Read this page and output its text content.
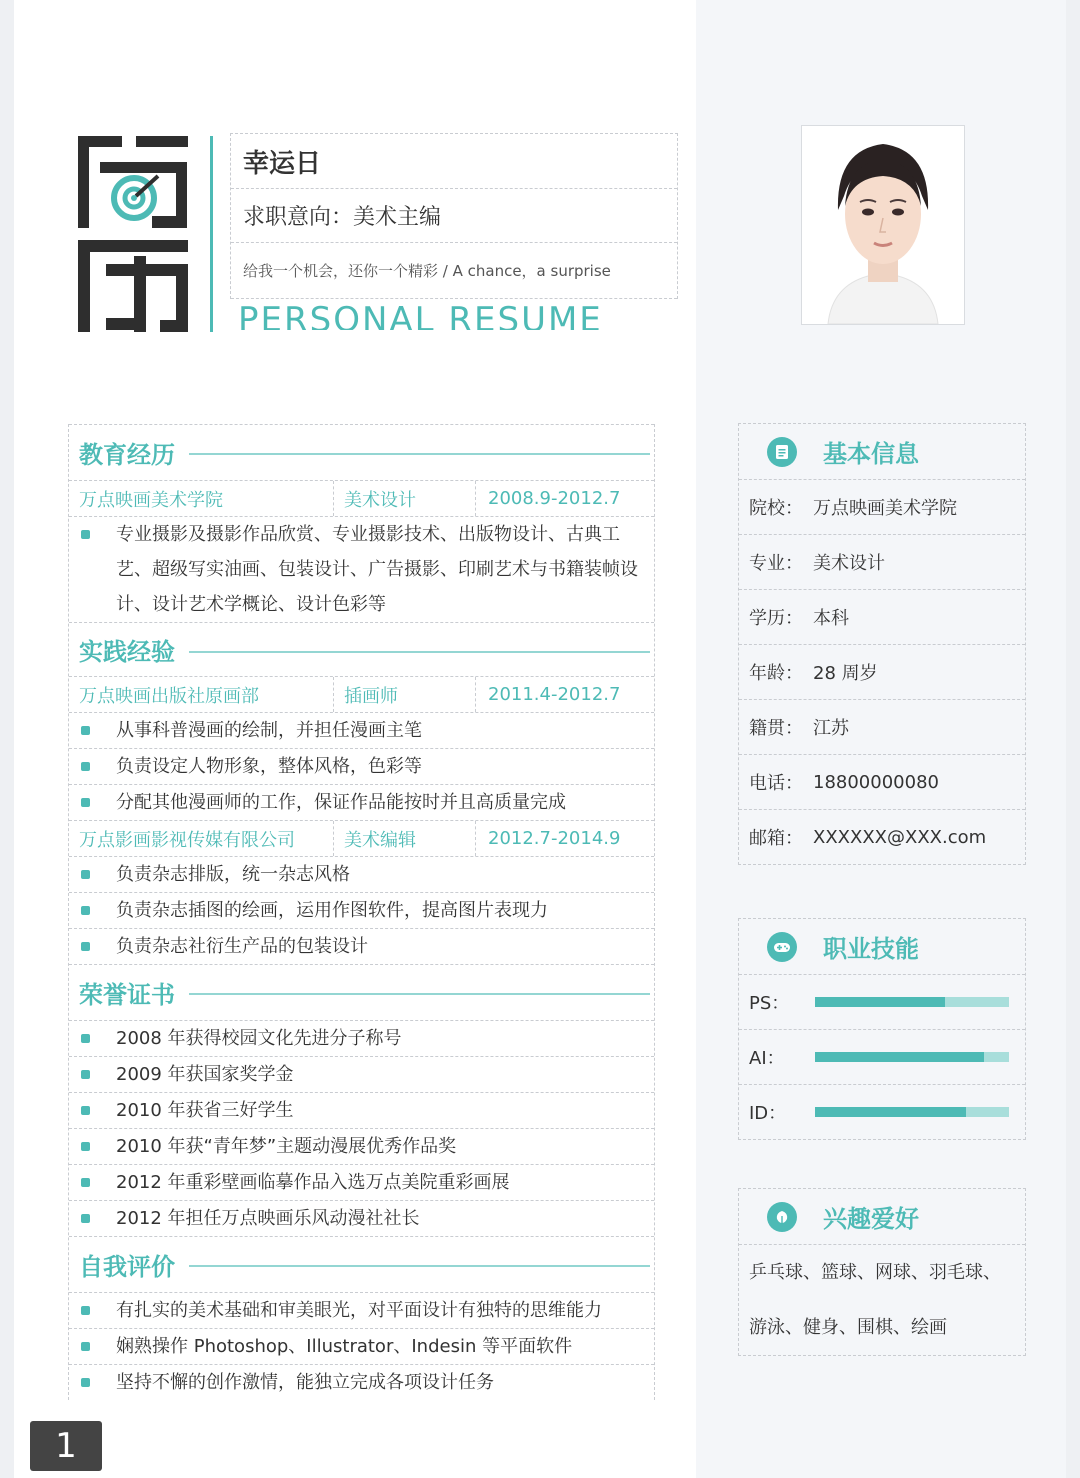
幸运日
求职意向：美术主编
给我一个机会，还你一个精彩 / A chance，a surprise
PERSONAL RESUME
教育经历
万点映画美术学院	美术设计	2008.9-2012.7
专业摄影及摄影作品欣赏、专业摄影技术、出版物设计、古典工艺、超级写实油画、包装设计、广告摄影、印刷艺术与书籍装帧设计、设计艺术学概论、设计色彩等
实践经验
万点映画出版社原画部	插画师	2011.4-2012.7
从事科普漫画的绘制，并担任漫画主笔
负责设定人物形象，整体风格，色彩等
分配其他漫画师的工作，保证作品能按时并且高质量完成
万点影画影视传媒有限公司	美术编辑	2012.7-2014.9
负责杂志排版，统一杂志风格
负责杂志插图的绘画，运用作图软件，提高图片表现力
负责杂志社衍生产品的包装设计
荣誉证书
2008 年获得校园文化先进分子称号
2009 年获国家奖学金
2010 年获省三好学生
2010 年获“青年梦”主题动漫展优秀作品奖
2012 年重彩壁画临摹作品入选万点美院重彩画展
2012 年担任万点映画乐风动漫社社长
自我评价
有扎实的美术基础和审美眼光，对平面设计有独特的思维能力
娴熟操作 Photoshop、Illustrator、Indesin 等平面软件
坚持不懈的创作激情，能独立完成各项设计任务
基本信息
院校： 万点映画美术学院
专业： 美术设计
学历： 本科
年龄： 28 周岁
籍贯： 江苏
电话： 18800000080
邮箱： XXXXXX@XXX.com
职业技能
PS：
AI：
ID：
兴趣爱好
乒乓球、篮球、网球、羽毛球、
游泳、健身、围棋、绘画
1
